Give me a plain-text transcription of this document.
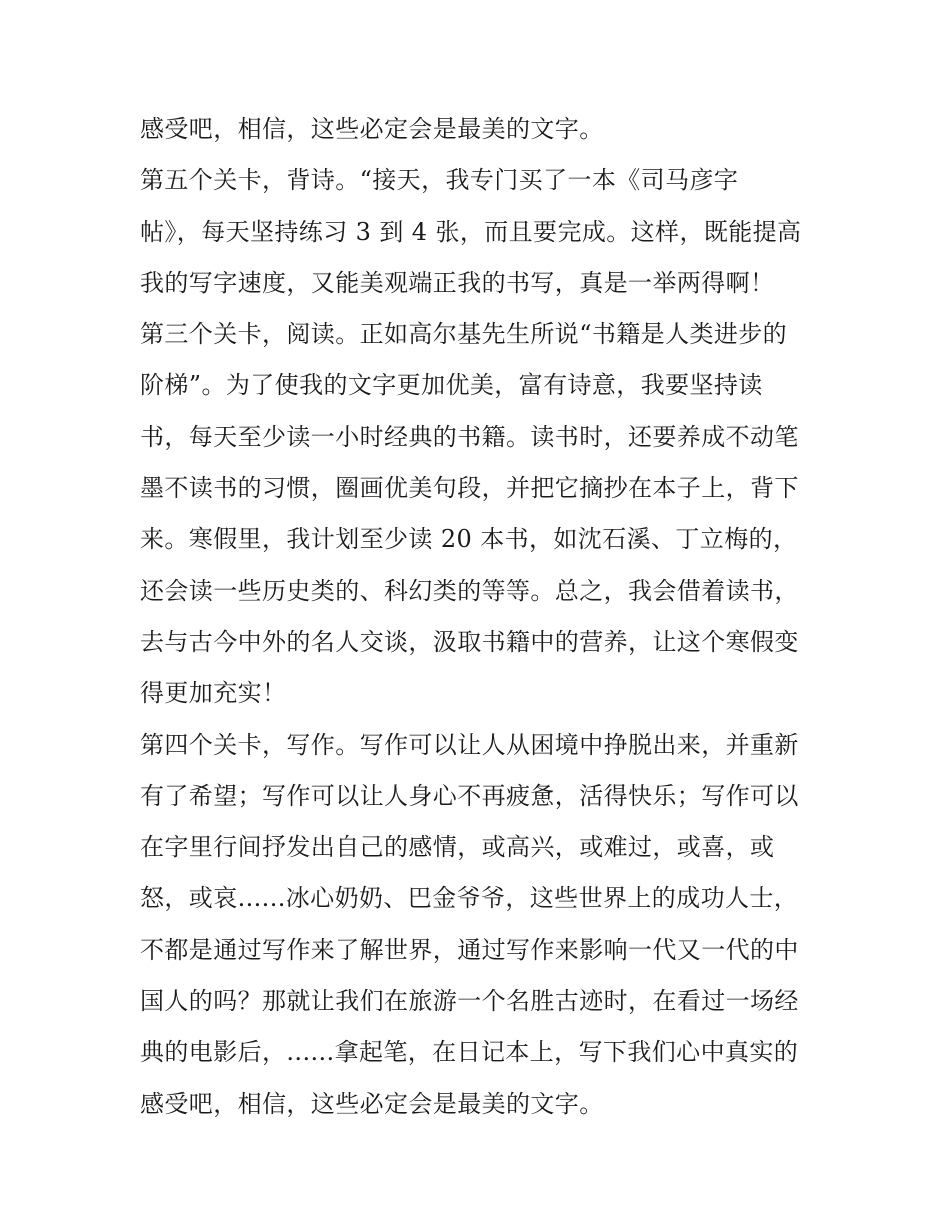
感受吧，相信，这些必定会是最美的文字。
第五个关卡，背诗。“接天，我专门买了一本《司马彦字
帖》，每天坚持练习 3 到 4 张，而且要完成。这样，既能提高
我的写字速度，又能美观端正我的书写，真是一举两得啊！
第三个关卡，阅读。正如高尔基先生所说“书籍是人类进步的
阶梯”。为了使我的文字更加优美，富有诗意，我要坚持读
书，每天至少读一小时经典的书籍。读书时，还要养成不动笔
墨不读书的习惯，圈画优美句段，并把它摘抄在本子上，背下
来。寒假里，我计划至少读 20 本书，如沈石溪、丁立梅的，
还会读一些历史类的、科幻类的等等。总之，我会借着读书，
去与古今中外的名人交谈，汲取书籍中的营养，让这个寒假变
得更加充实！
第四个关卡，写作。写作可以让人从困境中挣脱出来，并重新
有了希望；写作可以让人身心不再疲惫，活得快乐；写作可以
在字里行间抒发出自己的感情，或高兴，或难过，或喜，或
怒，或哀......冰心奶奶、巴金爷爷，这些世界上的成功人士，
不都是通过写作来了解世界，通过写作来影响一代又一代的中
国人的吗？那就让我们在旅游一个名胜古迹时，在看过一场经
典的电影后，......拿起笔，在日记本上，写下我们心中真实的
感受吧，相信，这些必定会是最美的文字。
